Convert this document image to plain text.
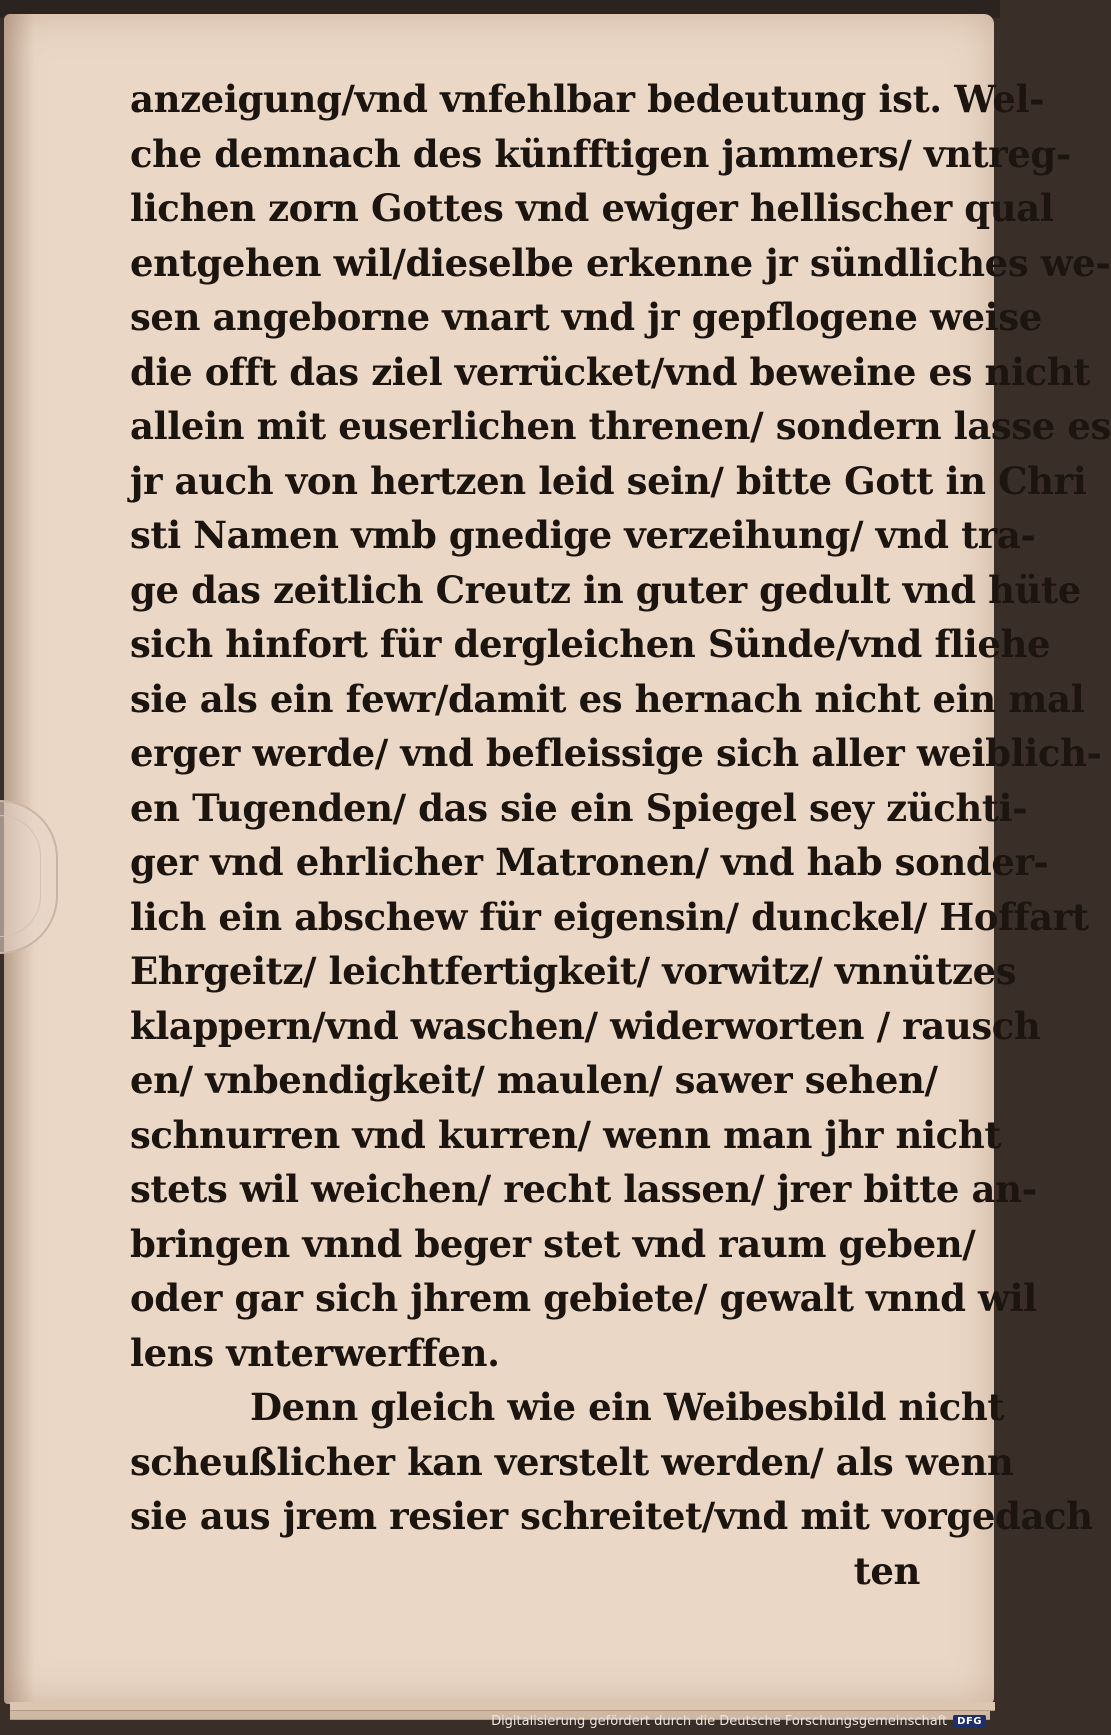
anzeigung/vnd vnfehlbar bedeutung ist. Wel-
che demnach des künfftigen jammers/ vntreg-
lichen zorn Gottes vnd ewiger hellischer qual
entgehen wil/dieselbe erkenne jr sündliches we-
sen angeborne vnart vnd jr gepflogene weise
die offt das ziel verrücket/vnd beweine es nicht
allein mit euserlichen threnen/ sondern lasse es
jr auch von hertzen leid sein/ bitte Gott in Chri
sti Namen vmb gnedige verzeihung/ vnd tra-
ge das zeitlich Creutz in guter gedult vnd hüte
sich hinfort für dergleichen Sünde/vnd fliehe
sie als ein fewr/damit es hernach nicht ein mal
erger werde/ vnd befleissige sich aller weiblich-
en Tugenden/ das sie ein Spiegel sey züchti-
ger vnd ehrlicher Matronen/ vnd hab sonder-
lich ein abschew für eigensin/ dunckel/ Hoffart
Ehrgeitz/ leichtfertigkeit/ vorwitz/ vnnützes
klappern/vnd waschen/ widerworten / rausch
en/ vnbendigkeit/ maulen/ sawer sehen/
schnurren vnd kurren/ wenn man jhr nicht
stets wil weichen/ recht lassen/ jrer bitte an-
bringen vnnd beger stet vnd raum geben/
oder gar sich jhrem gebiete/ gewalt vnnd wil
lens vnterwerffen.
Denn gleich wie ein Weibesbild nicht
scheußlicher kan verstelt werden/ als wenn
sie aus jrem resier schreitet/vnd mit vorgedach
ten
Digitalisierung gefördert durch die Deutsche Forschungsgemeinschaft	DFG
